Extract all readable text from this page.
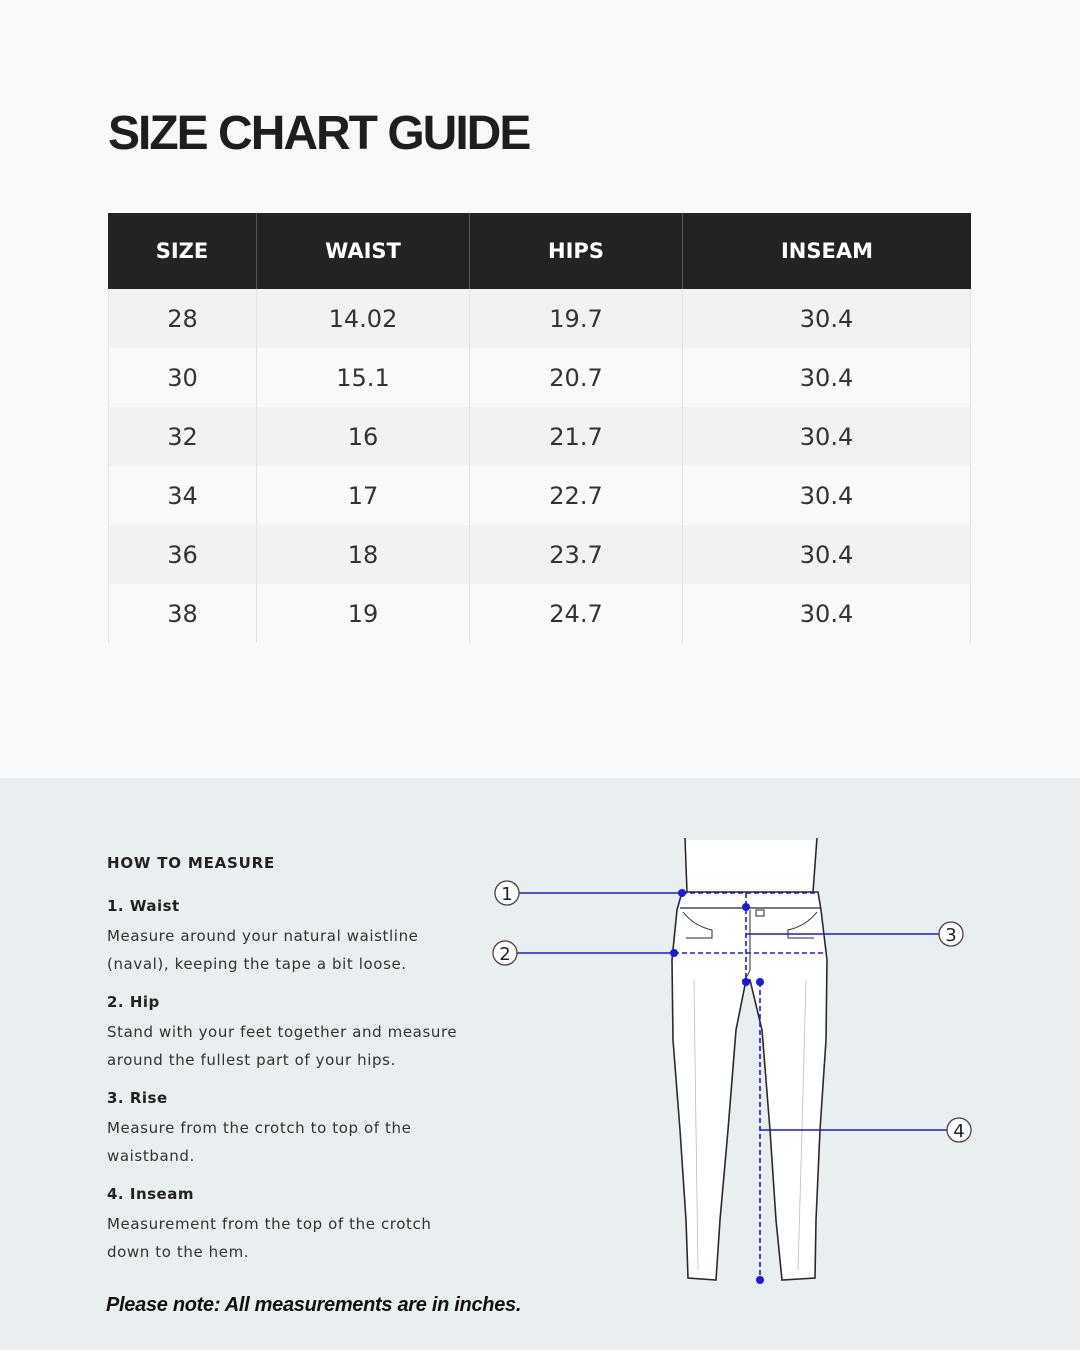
SIZE CHART GUIDE
SIZE	WAIST	HIPS	INSEAM
28	14.02	19.7	30.4
30	15.1	20.7	30.4
32	16	21.7	30.4
34	17	22.7	30.4
36	18	23.7	30.4
38	19	24.7	30.4
HOW TO MEASURE
1. Waist
Measure around your natural waistline (naval), keeping the tape a bit loose.
2. Hip
Stand with your feet together and measure around the fullest part of your hips.
3. Rise
Measure from the crotch to top of the waistband.
4. Inseam
Measurement from the top of the crotch down to the hem.
Please note: All measurements are in inches.
1
2
3
4
